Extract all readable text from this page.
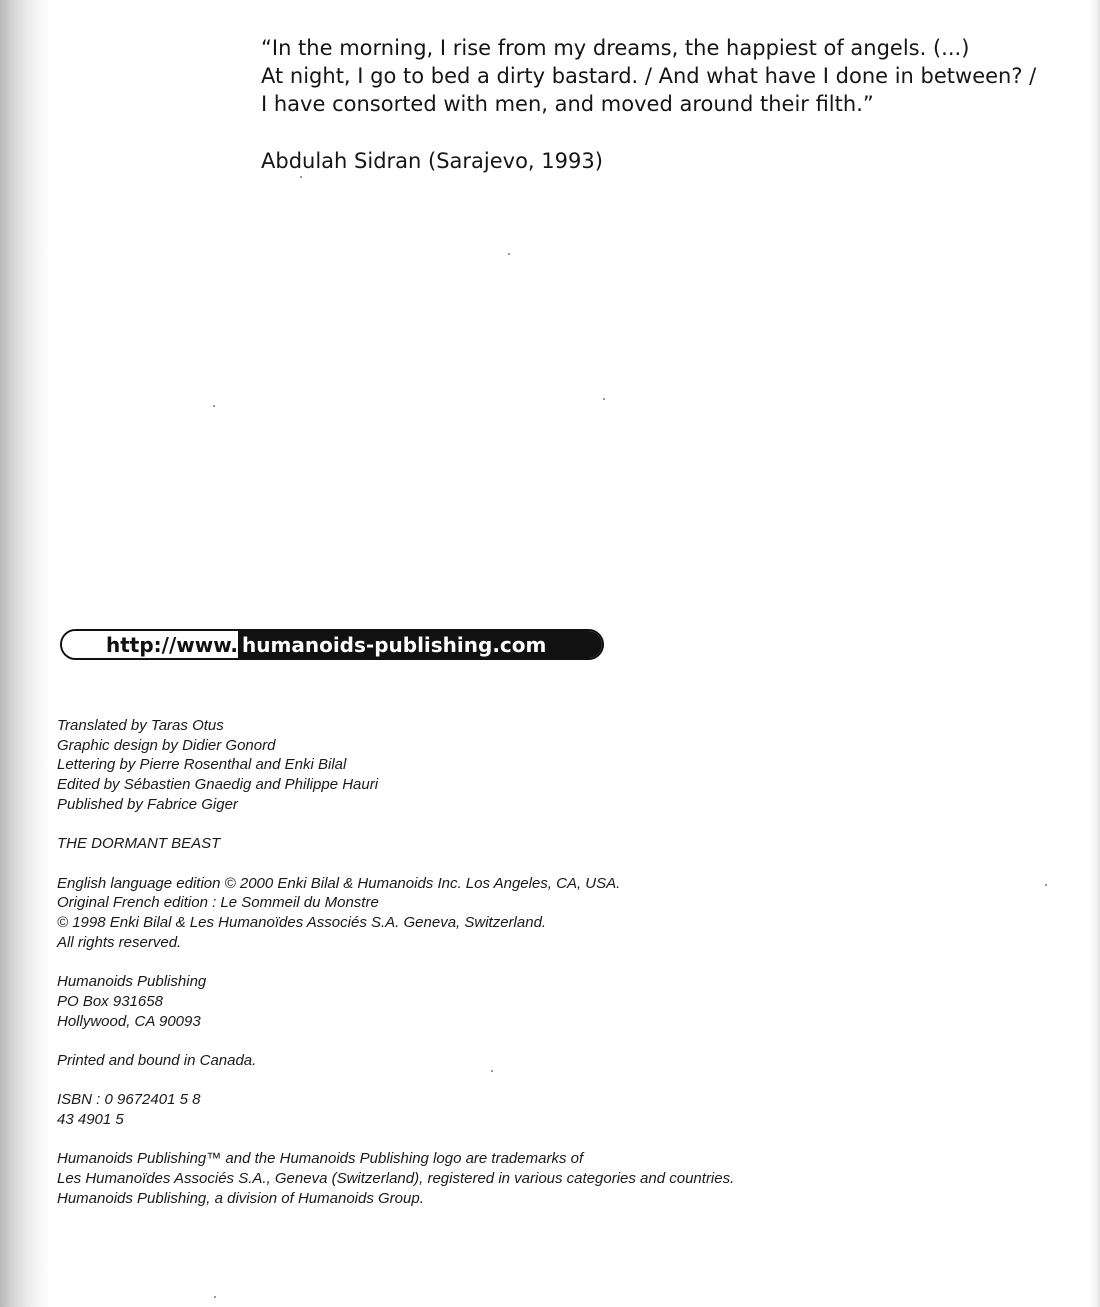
“In the morning, I rise from my dreams, the happiest of angels. (...)
At night, I go to bed a dirty bastard. / And what have I done in between? /
I have consorted with men, and moved around their filth.”
Abdulah Sidran (Sarajevo, 1993)
http://www. humanoids-publishing.com
Translated by Taras Otus
Graphic design by Didier Gonord
Lettering by Pierre Rosenthal and Enki Bilal
Edited by Sébastien Gnaedig and Philippe Hauri
Published by Fabrice Giger
THE DORMANT BEAST
English language edition © 2000 Enki Bilal & Humanoids Inc. Los Angeles, CA, USA.
Original French edition : Le Sommeil du Monstre
© 1998 Enki Bilal & Les Humanoïdes Associés S.A. Geneva, Switzerland.
All rights reserved.
Humanoids Publishing
PO Box 931658
Hollywood, CA 90093
Printed and bound in Canada.
ISBN : 0 9672401 5 8
43 4901 5
Humanoids Publishing™ and the Humanoids Publishing logo are trademarks of
Les Humanoïdes Associés S.A., Geneva (Switzerland), registered in various categories and countries.
Humanoids Publishing, a division of Humanoids Group.
